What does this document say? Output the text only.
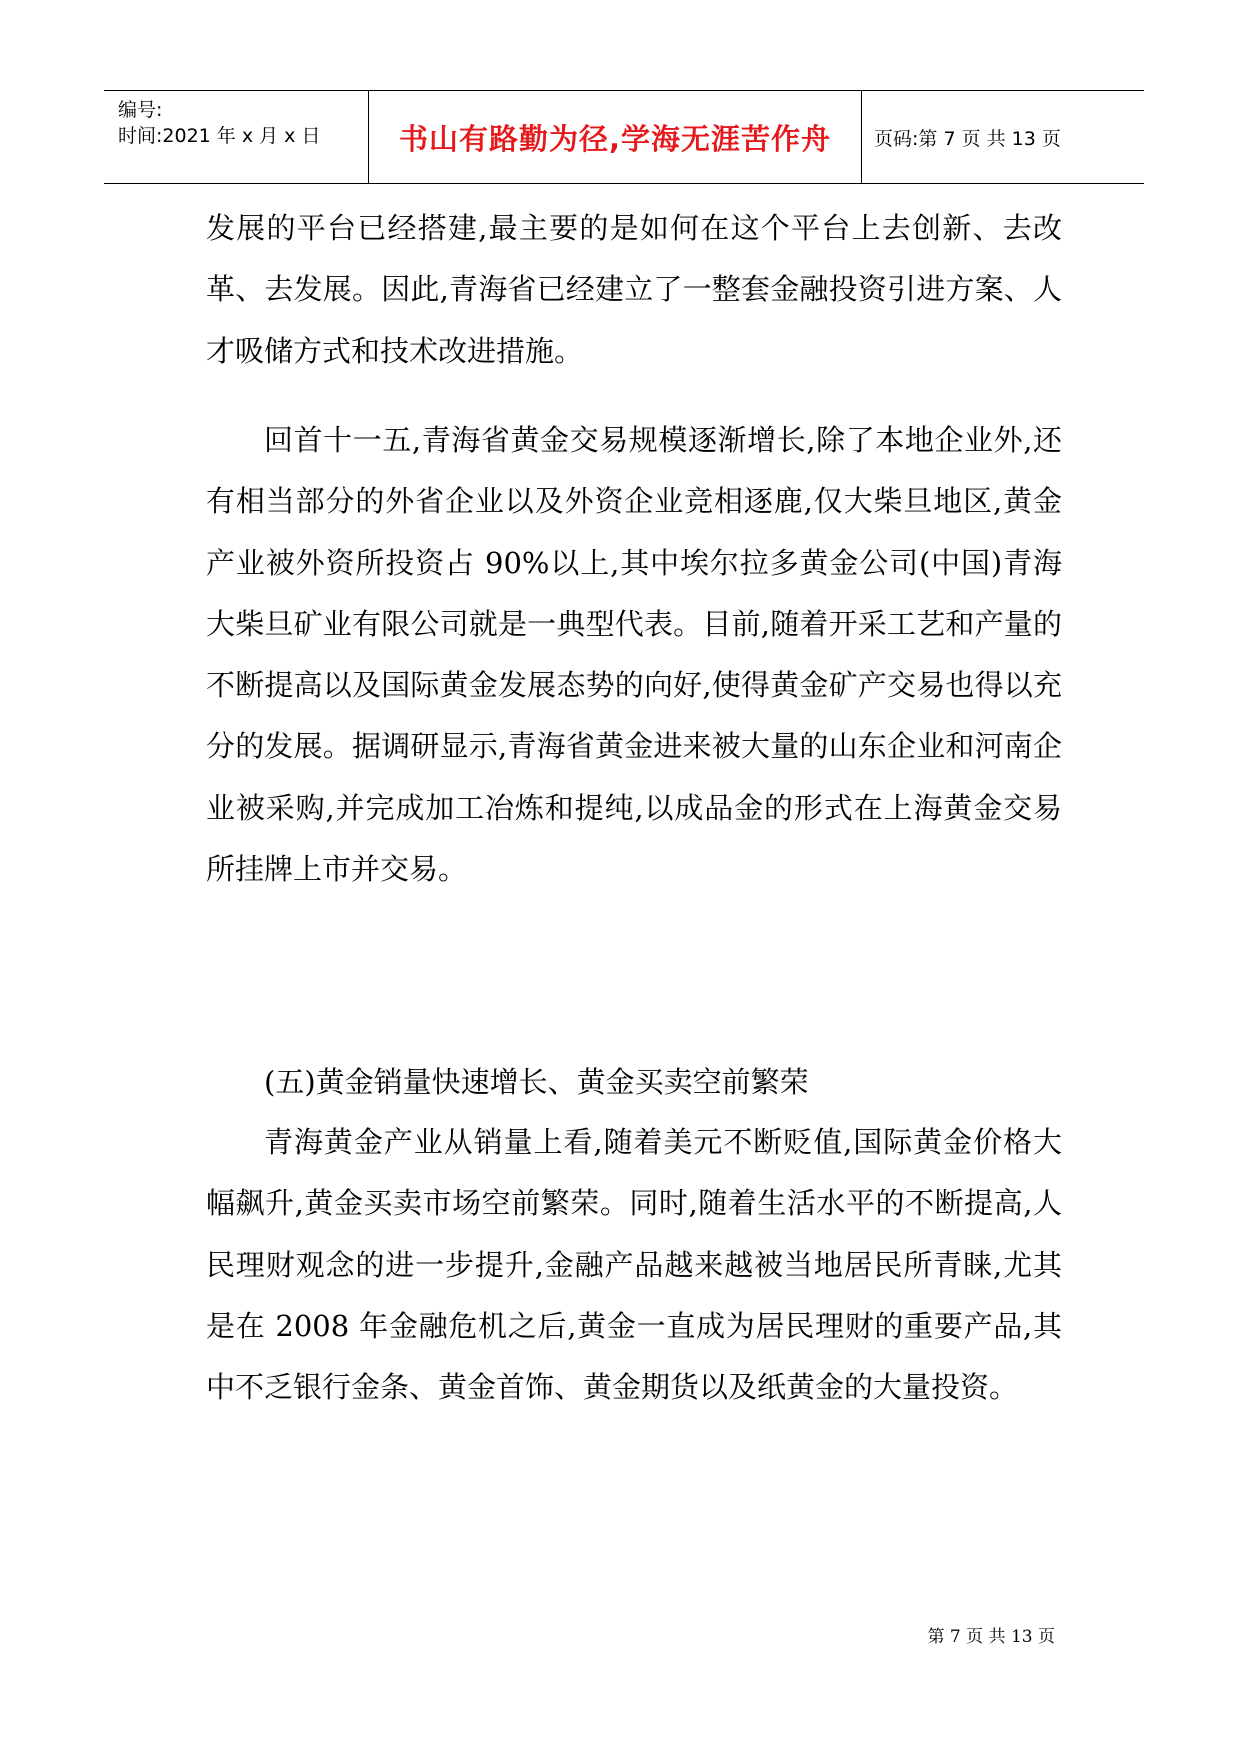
编号:
时间:2021 年 x 月 x 日	书山有路勤为径,学海无涯苦作舟 页码:第 7 页 共 13 页

发展的平台已经搭建,最主要的是如何在这个平台上去创新、去改革、去发展。因此,青海省已经建立了一整套金融投资引进方案、人才吸储方式和技术改进措施。

回首十一五,青海省黄金交易规模逐渐增长,除了本地企业外,还有相当部分的外省企业以及外资企业竞相逐鹿,仅大柴旦地区,黄金产业被外资所投资占 90%以上,其中埃尔拉多黄金公司(中国)青海大柴旦矿业有限公司就是一典型代表。目前,随着开采工艺和产量的不断提高以及国际黄金发展态势的向好,使得黄金矿产交易也得以充分的发展。据调研显示,青海省黄金进来被大量的山东企业和河南企业被采购,并完成加工冶炼和提纯,以成品金的形式在上海黄金交易所挂牌上市并交易。

(五)黄金销量快速增长、黄金买卖空前繁荣

青海黄金产业从销量上看,随着美元不断贬值,国际黄金价格大幅飙升,黄金买卖市场空前繁荣。同时,随着生活水平的不断提高,人民理财观念的进一步提升,金融产品越来越被当地居民所青睐,尤其是在 2008 年金融危机之后,黄金一直成为居民理财的重要产品,其中不乏银行金条、黄金首饰、黄金期货以及纸黄金的大量投资。

第 7 页 共 13 页
